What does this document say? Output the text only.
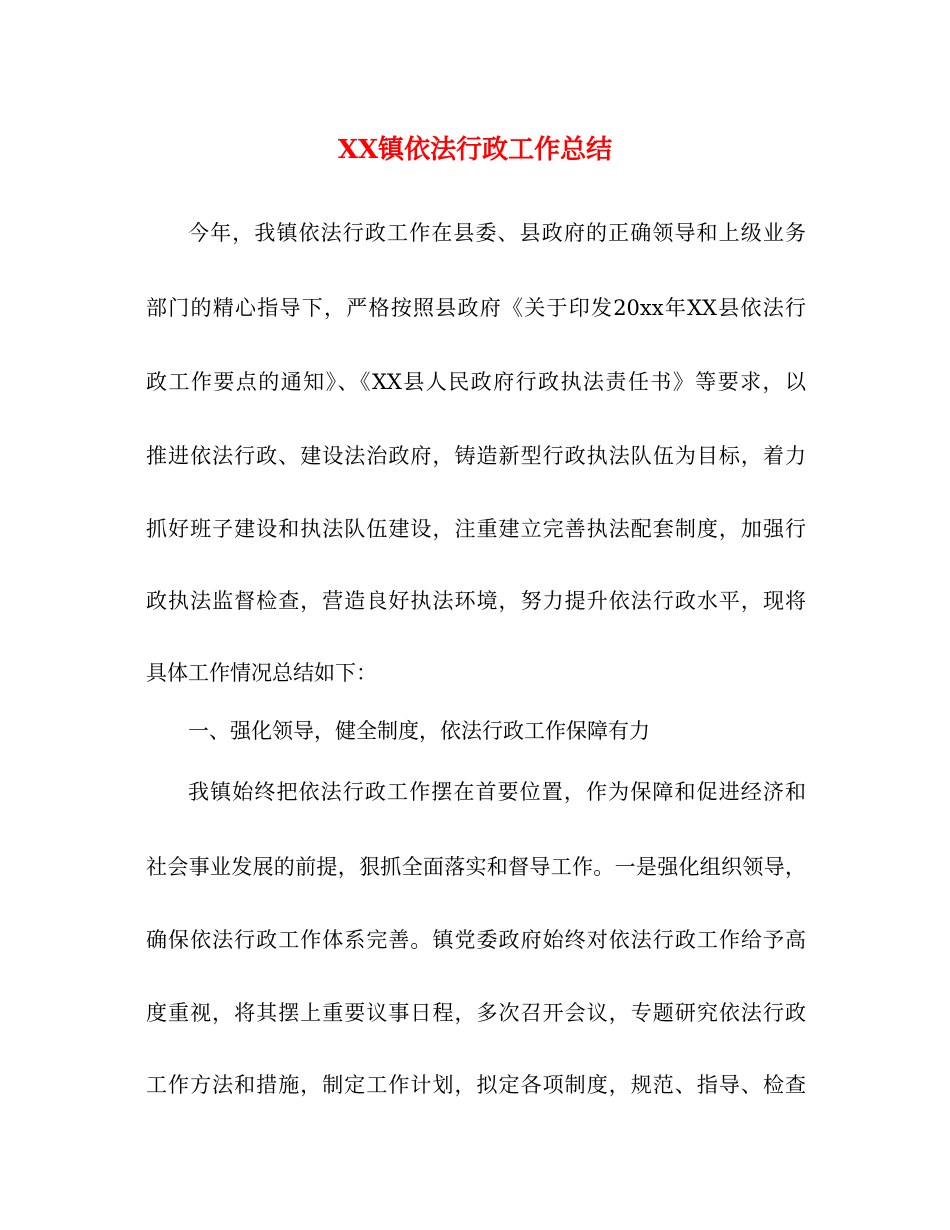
XX镇依法行政工作总结
今年，我镇依法行政工作在县委、县政府的正确领导和上级业务
部门的精心指导下，严格按照县政府《关于印发20xx年XX县依法行
政工作要点的通知》、《XX县人民政府行政执法责任书》等要求，以
推进依法行政、建设法治政府，铸造新型行政执法队伍为目标，着力
抓好班子建设和执法队伍建设，注重建立完善执法配套制度，加强行
政执法监督检查，营造良好执法环境，努力提升依法行政水平，现将
具体工作情况总结如下：
一、强化领导，健全制度，依法行政工作保障有力
我镇始终把依法行政工作摆在首要位置，作为保障和促进经济和
社会事业发展的前提，狠抓全面落实和督导工作。一是强化组织领导，
确保依法行政工作体系完善。镇党委政府始终对依法行政工作给予高
度重视，将其摆上重要议事日程，多次召开会议，专题研究依法行政
工作方法和措施，制定工作计划，拟定各项制度，规范、指导、检查
